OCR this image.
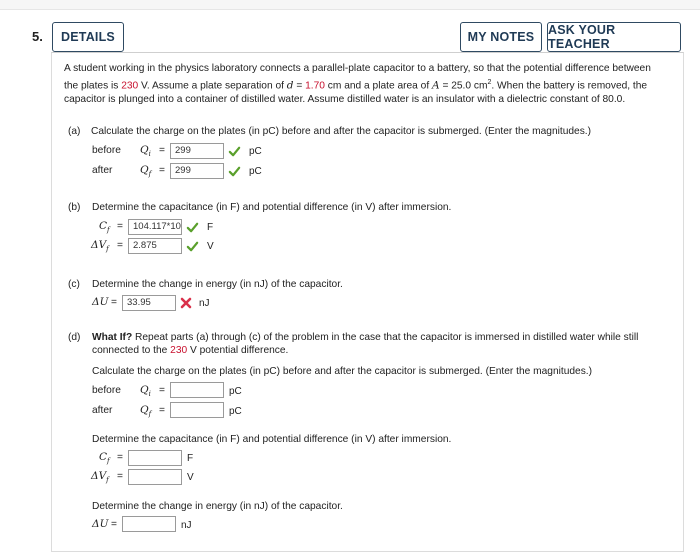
5.	DETAILS	MY NOTES	ASK YOUR TEACHER
A student working in the physics laboratory connects a parallel-plate capacitor to a battery, so that the potential difference between the plates is 230 V. Assume a plate separation of d = 1.70 cm and a plate area of A = 25.0 $cm^2$. When the battery is removed, the capacitor is plunged into a container of distilled water. Assume distilled water is an insulator with a dielectric constant of 80.0.
(a) Calculate the charge on the plates (in pC) before and after the capacitor is submerged. (Enter the magnitudes.)
before $Q_i$ =	299	pC
after	$Q_f$ =	299	pC
(b) Determine the capacitance (in F) and potential difference (in V) after immersion.
$C_f$ =	104.117*10	F
$\Delta V_f$ =	2.875	V
(c) Determine the change in energy (in nJ) of the capacitor.
ΔU =	33.95	nJ
(d) What If? Repeat parts (a) through (c) of the problem in the case that the capacitor is immersed in distilled water while still
connected to the 230 V potential difference.
Calculate the charge on the plates (in pC) before and after the capacitor is submerged. (Enter the magnitudes.)
before $Q_i$ =	pC
after	$Q_f$ =	pC
Determine the capacitance (in F) and potential difference (in V) after immersion.
$C_f$ =	F
$\Delta V_f$ =	V
Determine the change in energy (in nJ) of the capacitor.
ΔU =	nJ
